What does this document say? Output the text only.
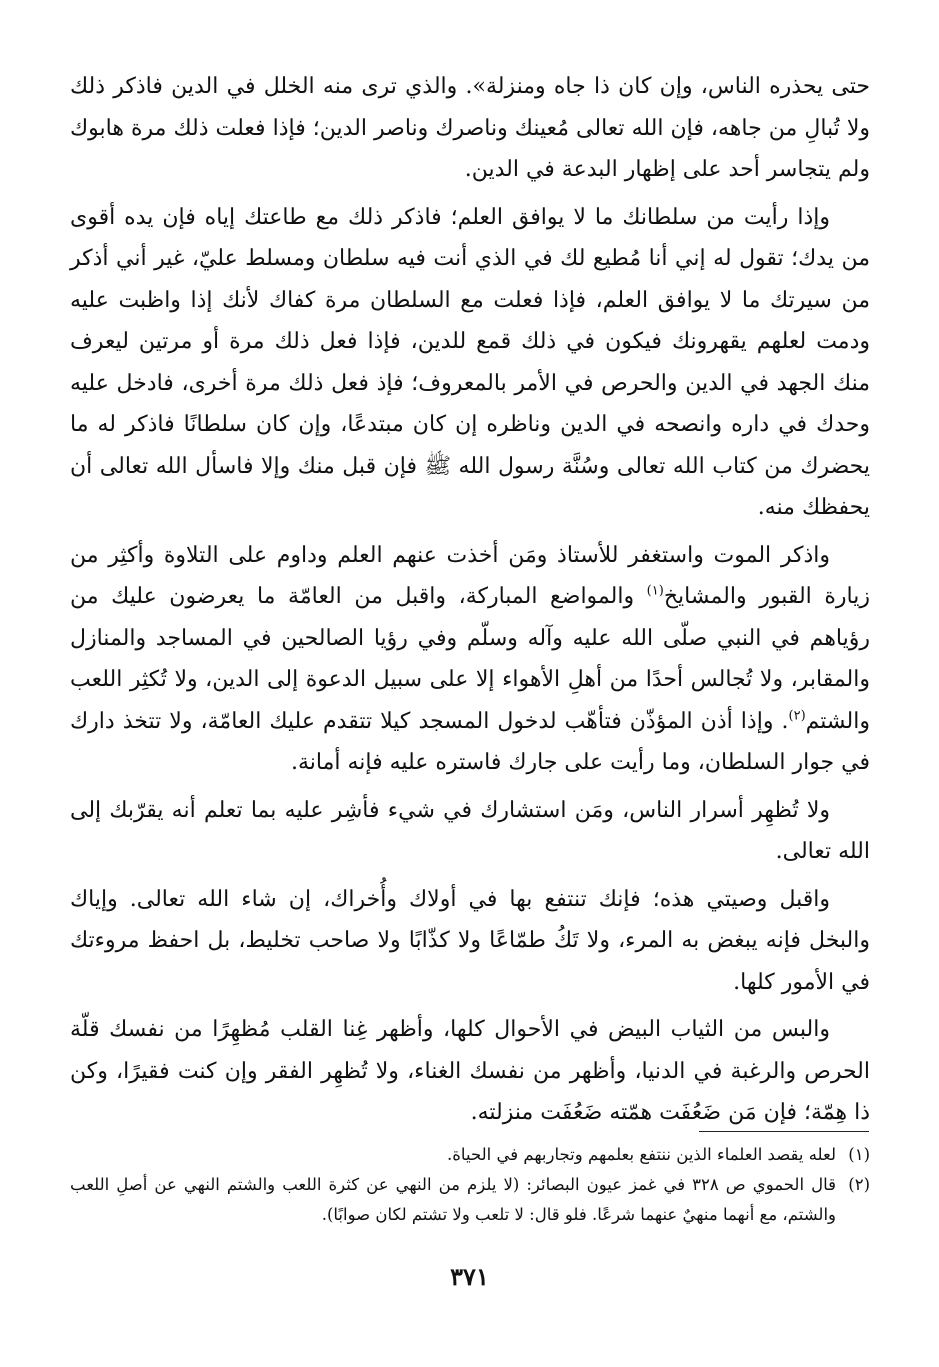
حتى يحذره الناس، وإن كان ذا جاه ومنزلة». والذي ترى منه الخلل في الدين فاذكر ذلك ولا تُبالِ من جاهه، فإن الله تعالى مُعينك وناصرك وناصر الدين؛ فإذا فعلت ذلك مرة هابوك ولم يتجاسر أحد على إظهار البدعة في الدين.

وإذا رأيت من سلطانك ما لا يوافق العلم؛ فاذكر ذلك مع طاعتك إياه فإن يده أقوى من يدك؛ تقول له إني أنا مُطيع لك في الذي أنت فيه سلطان ومسلط عليّ، غير أني أذكر من سيرتك ما لا يوافق العلم، فإذا فعلت مع السلطان مرة كفاك لأنك إذا واظبت عليه ودمت لعلهم يقهرونك فيكون في ذلك قمع للدين، فإذا فعل ذلك مرة أو مرتين ليعرف منك الجهد في الدين والحرص في الأمر بالمعروف؛ فإذ فعل ذلك مرة أخرى، فادخل عليه وحدك في داره وانصحه في الدين وناظره إن كان مبتدعًا، وإن كان سلطانًا فاذكر له ما يحضرك من كتاب الله تعالى وسُنَّة رسول الله ﷺ فإن قبل منك وإلا فاسأل الله تعالى أن يحفظك منه.

واذكر الموت واستغفر للأستاذ ومَن أخذت عنهم العلم وداوم على التلاوة وأكثِر من زيارة القبور والمشايخ$^{(١)}$ والمواضع المباركة، واقبل من العامّة ما يعرضون عليك من رؤياهم في النبي صلّى الله عليه وآله وسلّم وفي رؤيا الصالحين في المساجد والمنازل والمقابر، ولا تُجالس أحدًا من أهلِ الأهواء إلا على سبيل الدعوة إلى الدين، ولا تُكثِر اللعب والشتم$^{(٢)}$. وإذا أذن المؤذّن فتأهّب لدخول المسجد كيلا تتقدم عليك العامّة، ولا تتخذ دارك في جوار السلطان، وما رأيت على جارك فاستره عليه فإنه أمانة.

ولا تُظهِر أسرار الناس، ومَن استشارك في شيء فأشِر عليه بما تعلم أنه يقرّبك إلى الله تعالى.

واقبل وصيتي هذه؛ فإنك تنتفع بها في أولاك وأُخراك، إن شاء الله تعالى. وإياك والبخل فإنه يبغض به المرء، ولا تَكُ طمّاعًا ولا كذّابًا ولا صاحب تخليط، بل احفظ مروءتك في الأمور كلها.

والبس من الثياب البيض في الأحوال كلها، وأظهر غِنا القلب مُظهِرًا من نفسك قلّة الحرص والرغبة في الدنيا، وأظهر من نفسك الغناء، ولا تُظهِر الفقر وإن كنت فقيرًا، وكن ذا هِمّة؛ فإن مَن ضَعُفَت همّته ضَعُفَت منزلته.

(١)
لعله يقصد العلماء الذين ننتفع بعلمهم وتجاربهم في الحياة.
(٢)
قال الحموي ص ٣٢٨ في غمز عيون البصائر: (لا يلزم من النهي عن كثرة اللعب والشتم النهي عن أصلِ اللعب والشتم، مع أنهما منهيٌ عنهما شرعًا. فلو قال: لا تلعب ولا تشتم لكان صوابًا).
٣٧١
